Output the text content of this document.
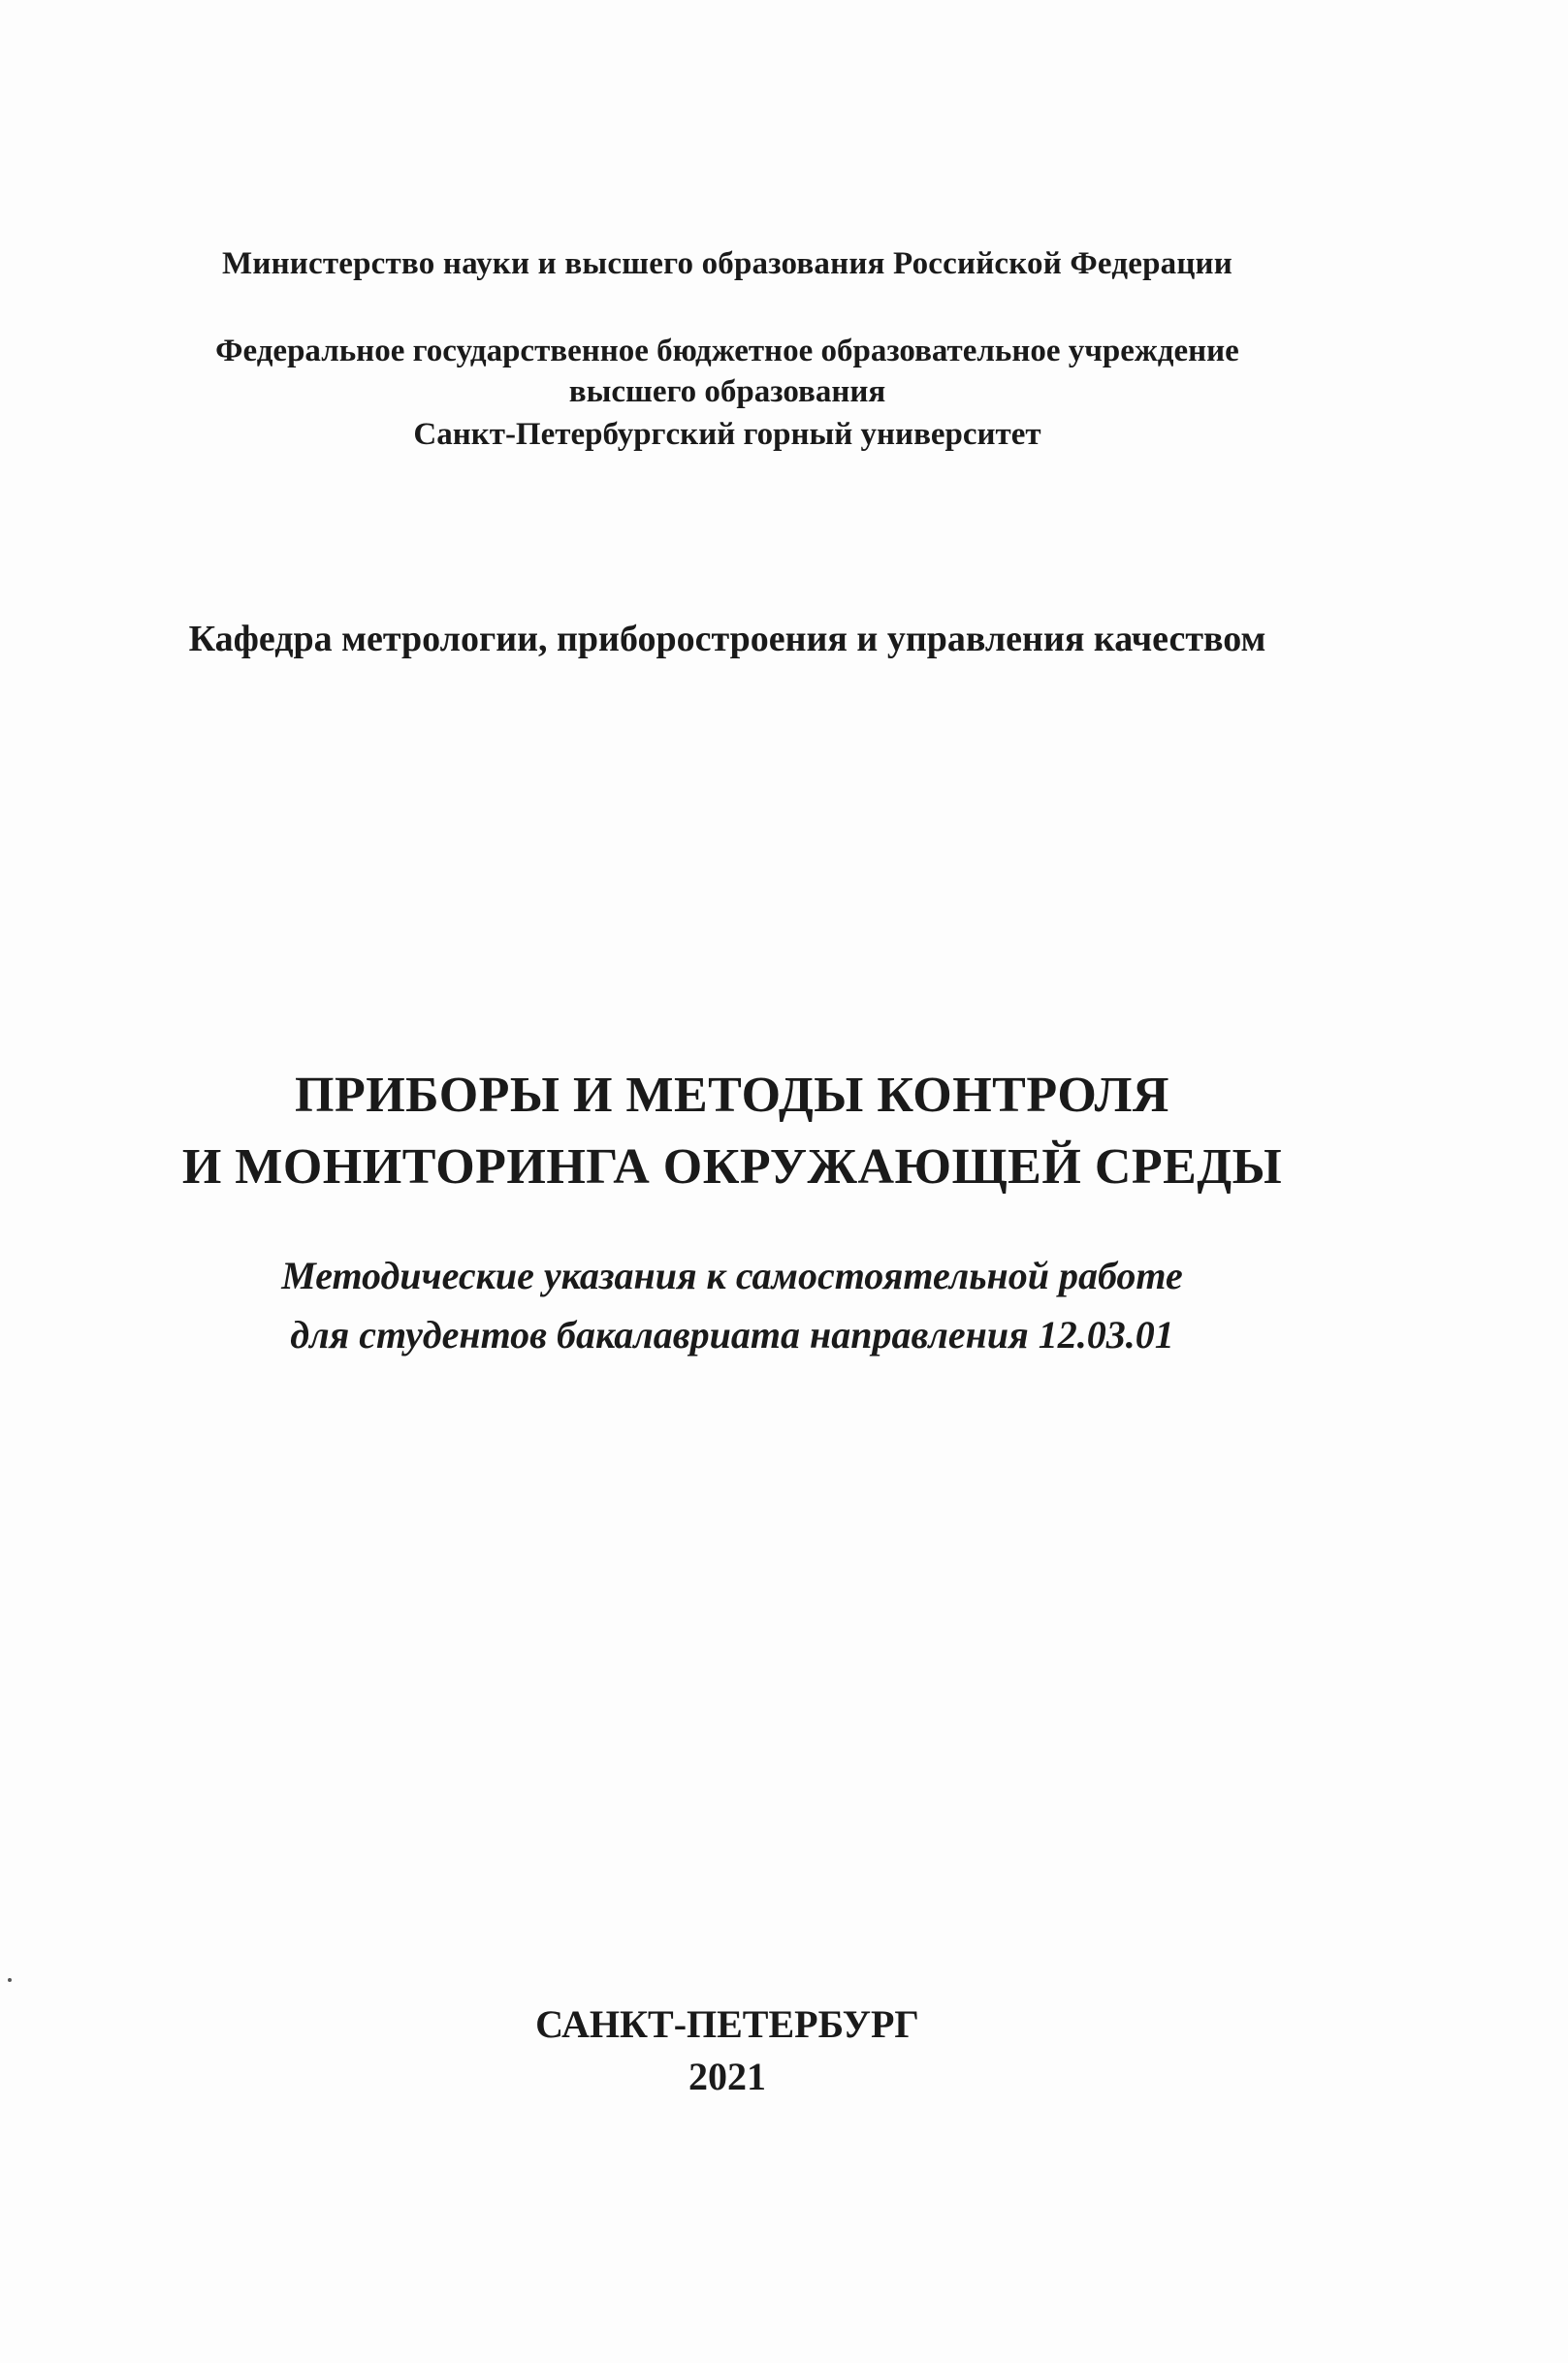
Министерство науки и высшего образования Российской Федерации
Федеральное государственное бюджетное образовательное учреждение
высшего образования
Санкт-Петербургский горный университет
Кафедра метрологии, приборостроения и управления качеством
ПРИБОРЫ И МЕТОДЫ КОНТРОЛЯ
И МОНИТОРИНГА ОКРУЖАЮЩЕЙ СРЕДЫ
Методические указания к самостоятельной работе
для студентов бакалавриата направления 12.03.01
САНКТ-ПЕТЕРБУРГ
2021
